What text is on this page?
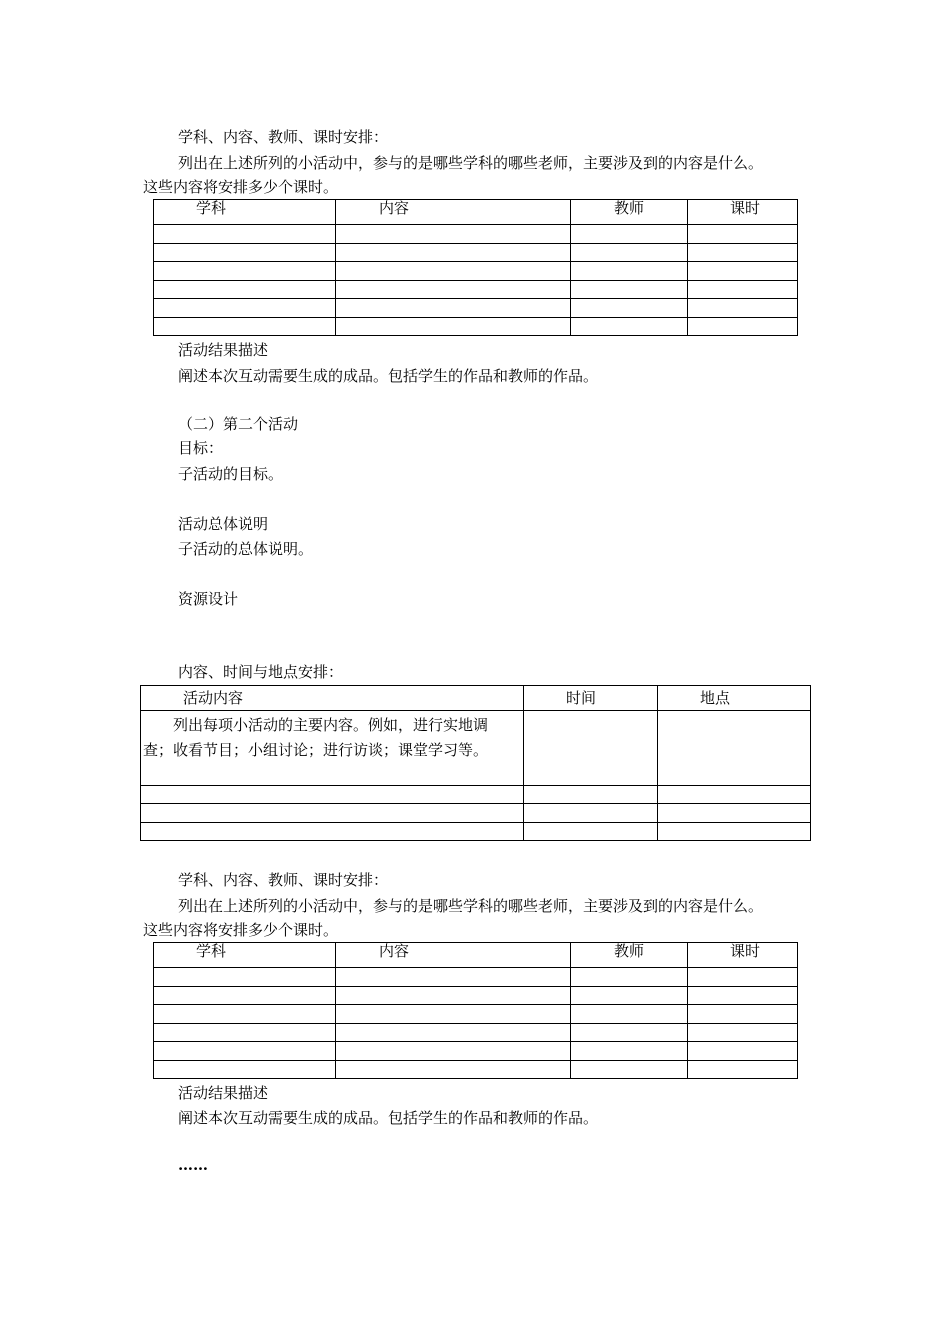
学科、内容、教师、课时安排：
列出在上述所列的小活动中，参与的是哪些学科的哪些老师，主要涉及到的内容是什么。
这些内容将安排多少个课时。
学科	内容	教师	课时

活动结果描述
阐述本次互动需要生成的成品。包括学生的作品和教师的作品。
（二）第二个活动
目标：
子活动的目标。
活动总体说明
子活动的总体说明。
资源设计
内容、时间与地点安排：
活动内容	时间	地点

列出每项小活动的主要内容。例如，进行实地调查；收看节目；小组讨论；进行访谈；课堂学习等。		

学科、内容、教师、课时安排：
列出在上述所列的小活动中，参与的是哪些学科的哪些老师，主要涉及到的内容是什么。
这些内容将安排多少个课时。
学科	内容	教师	课时

活动结果描述
阐述本次互动需要生成的成品。包括学生的作品和教师的作品。
……
